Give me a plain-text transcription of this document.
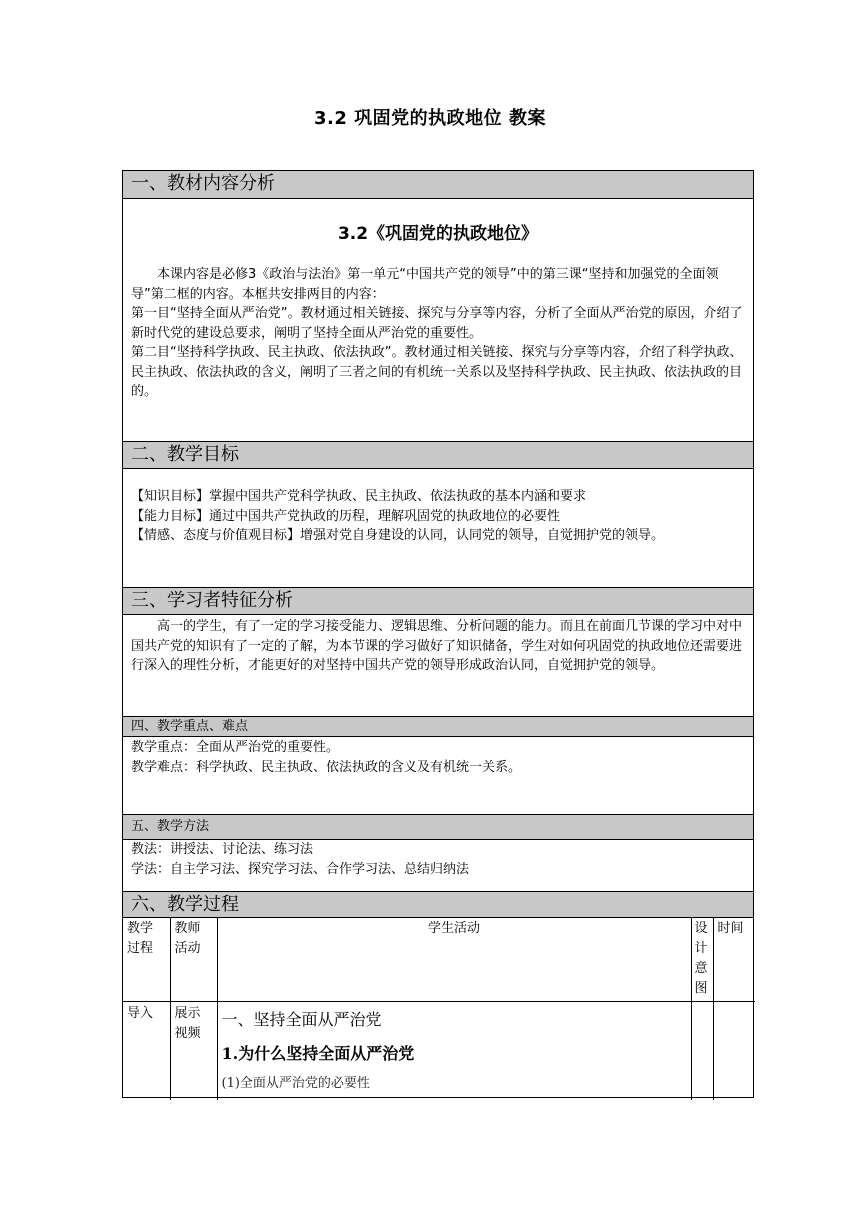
3.2 巩固党的执政地位 教案
一、教材内容分析
3.2《巩固党的执政地位》

本课内容是必修3《政治与法治》第一单元“中国共产党的领导”中的第三课“坚持和加强党的全面领导”第二框的内容。本框共安排两目的内容：

第一目“坚持全面从严治党”。教材通过相关链接、探究与分享等内容，分析了全面从严治党的原因，介绍了新时代党的建设总要求，阐明了坚持全面从严治党的重要性。

第二目“坚持科学执政、民主执政、依法执政”。教材通过相关链接、探究与分享等内容，介绍了科学执政、民主执政、依法执政的含义，阐明了三者之间的有机统一关系以及坚持科学执政、民主执政、依法执政的目的。

二、教学目标

【知识目标】掌握中国共产党科学执政、民主执政、依法执政的基本内涵和要求

【能力目标】通过中国共产党执政的历程，理解巩固党的执政地位的必要性

【情感、态度与价值观目标】增强对党自身建设的认同，认同党的领导，自觉拥护党的领导。

三、学习者特征分析

高一的学生，有了一定的学习接受能力、逻辑思维、分析问题的能力。而且在前面几节课的学习中对中国共产党的知识有了一定的了解，为本节课的学习做好了知识储备，学生对如何巩固党的执政地位还需要进行深入的理性分析，才能更好的对坚持中国共产党的领导形成政治认同，自觉拥护党的领导。

四、教学重点、难点

教学重点：全面从严治党的重要性。

教学难点：科学执政、民主执政、依法执政的含义及有机统一关系。

五、教学方法

教法：讲授法、讨论法、练习法

学法：自主学习法、探究学习法、合作学习法、总结归纳法

六、教学过程
教学过程	教师活动	学生活动	设计意图	时间
导入	展示视频	一、坚持全面从严治党
1.为什么坚持全面从严治党
(1)全面从严治党的必要性		
